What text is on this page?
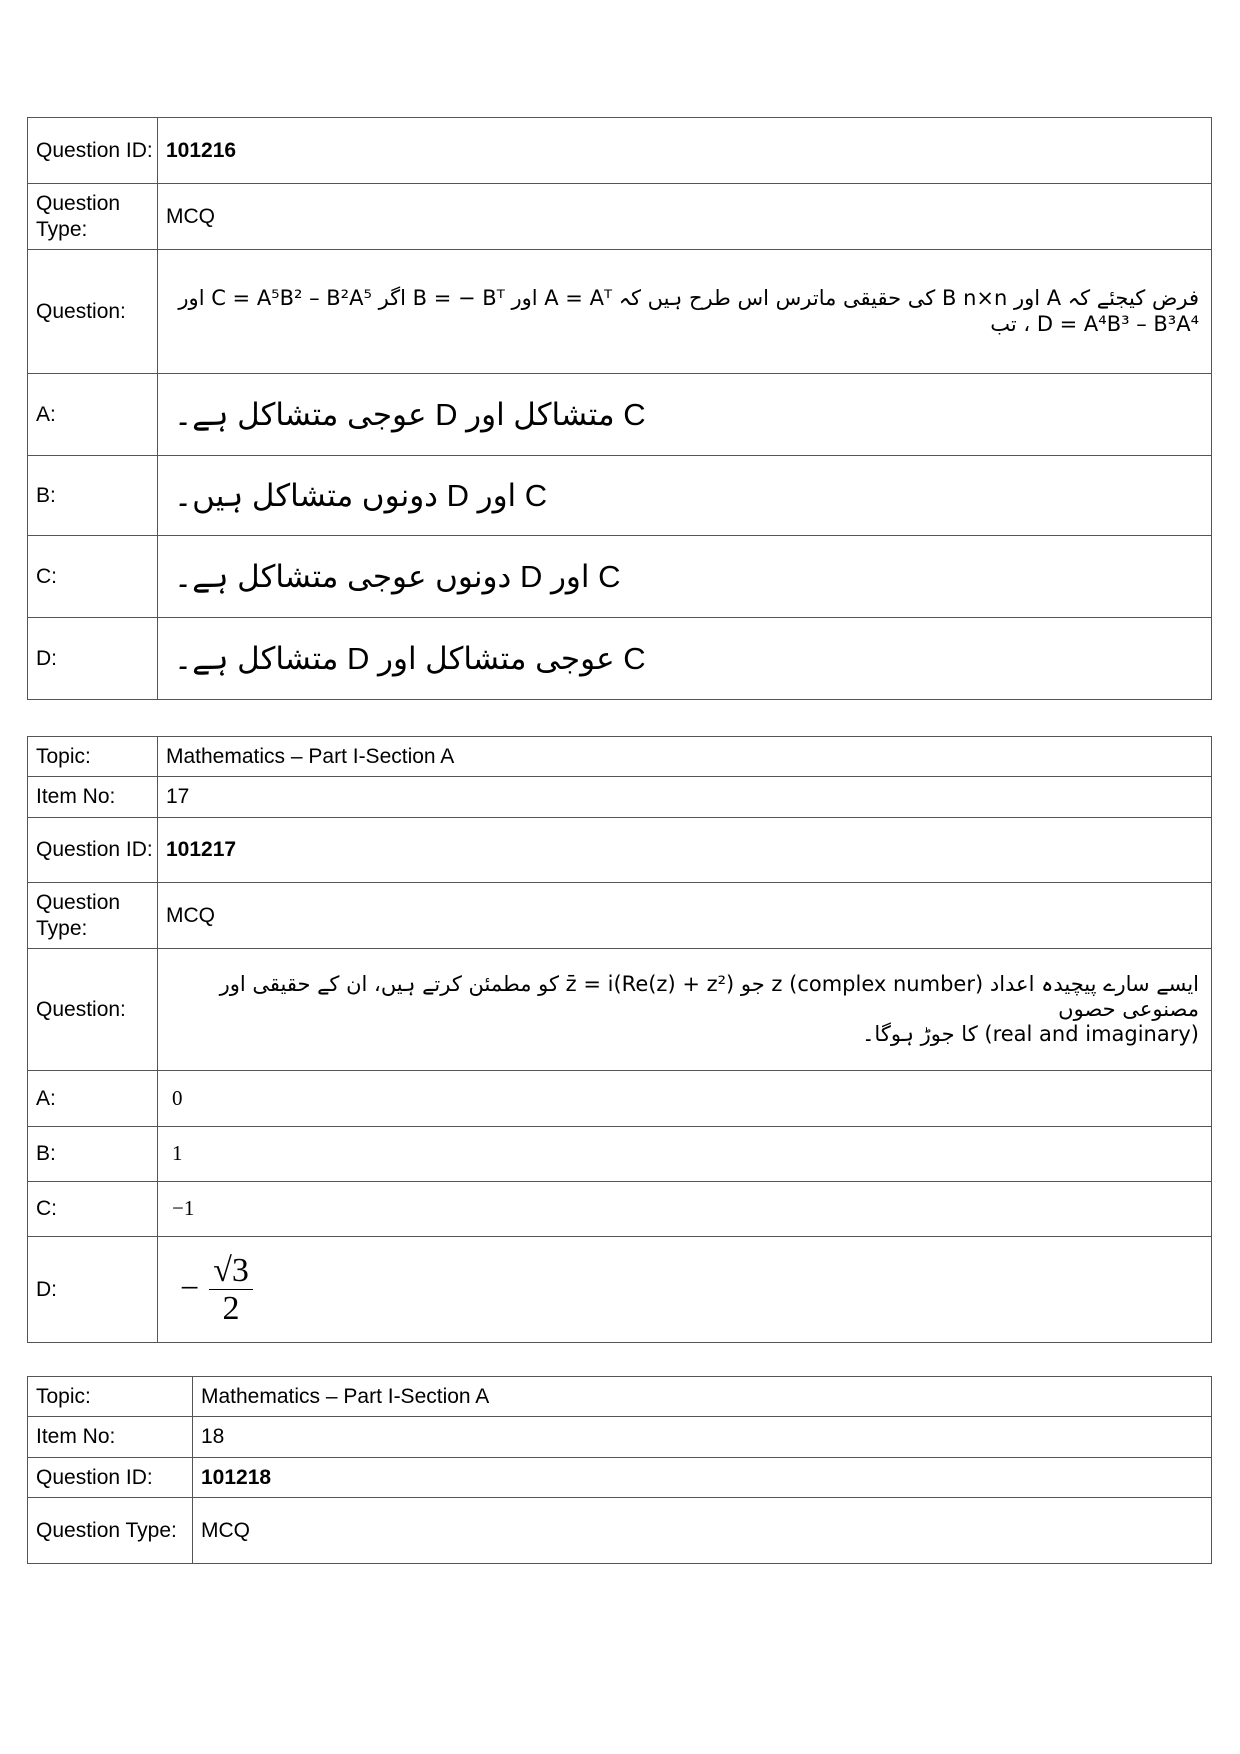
Question ID:	101216
Question Type:	MCQ
Question:	فرض کیجئے کہ A اور B n×n کی حقیقی ماترس اس طرح ہیں کہ A = Aᵀ اور B = − Bᵀ اگر C = A⁵B² – B²A⁵ اور
D = A⁴B³ – B³A⁴ ، تب

A:	C متشاکل اور D عوجی متشاکل ہے۔
B:	C اور D دونوں متشاکل ہیں۔
C:	C اور D دونوں عوجی متشاکل ہے۔
D:	C عوجی متشاکل اور D متشاکل ہے۔
Topic:	Mathematics – Part I-Section A
Item No:	17
Question ID:	101217
Question Type:	MCQ
Question:	ایسے سارے پیچیدہ اعداد (complex number) z جو z̄ = i(Re(z) + z²) کو مطمئن کرتے ہیں، ان کے حقیقی اور مصنوعی حصوں
(real and imaginary) کا جوڑ ہوگا۔

A:	0
B:	1
C:	−1
D:	− $\frac{√3}{2}$
Topic:	Mathematics – Part I-Section A
Item No:	18
Question ID:	101218
Question Type:	MCQ
